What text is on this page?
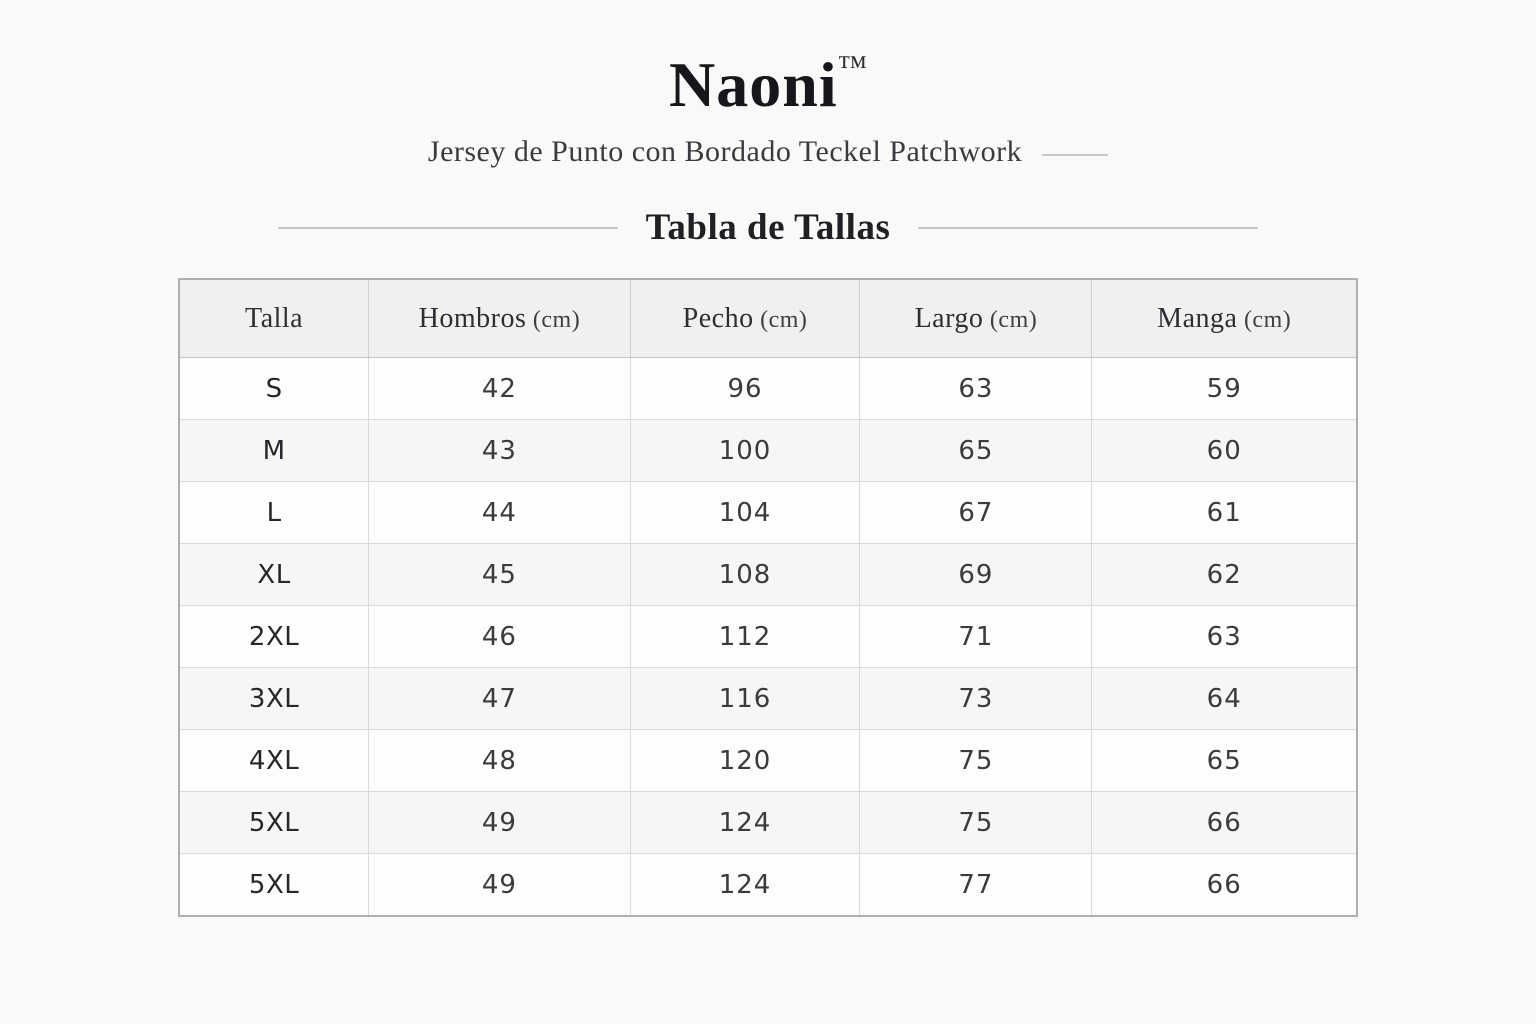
Naoni™
Jersey de Punto con Bordado Teckel Patchwork
Tabla de Tallas
Talla	Hombros (cm)	Pecho (cm)	Largo (cm)	Manga (cm)
S	42	96	63	59
M	43	100	65	60
L	44	104	67	61
XL	45	108	69	62
2XL	46	112	71	63
3XL	47	116	73	64
4XL	48	120	75	65
5XL	49	124	75	66
5XL	49	124	77	66
